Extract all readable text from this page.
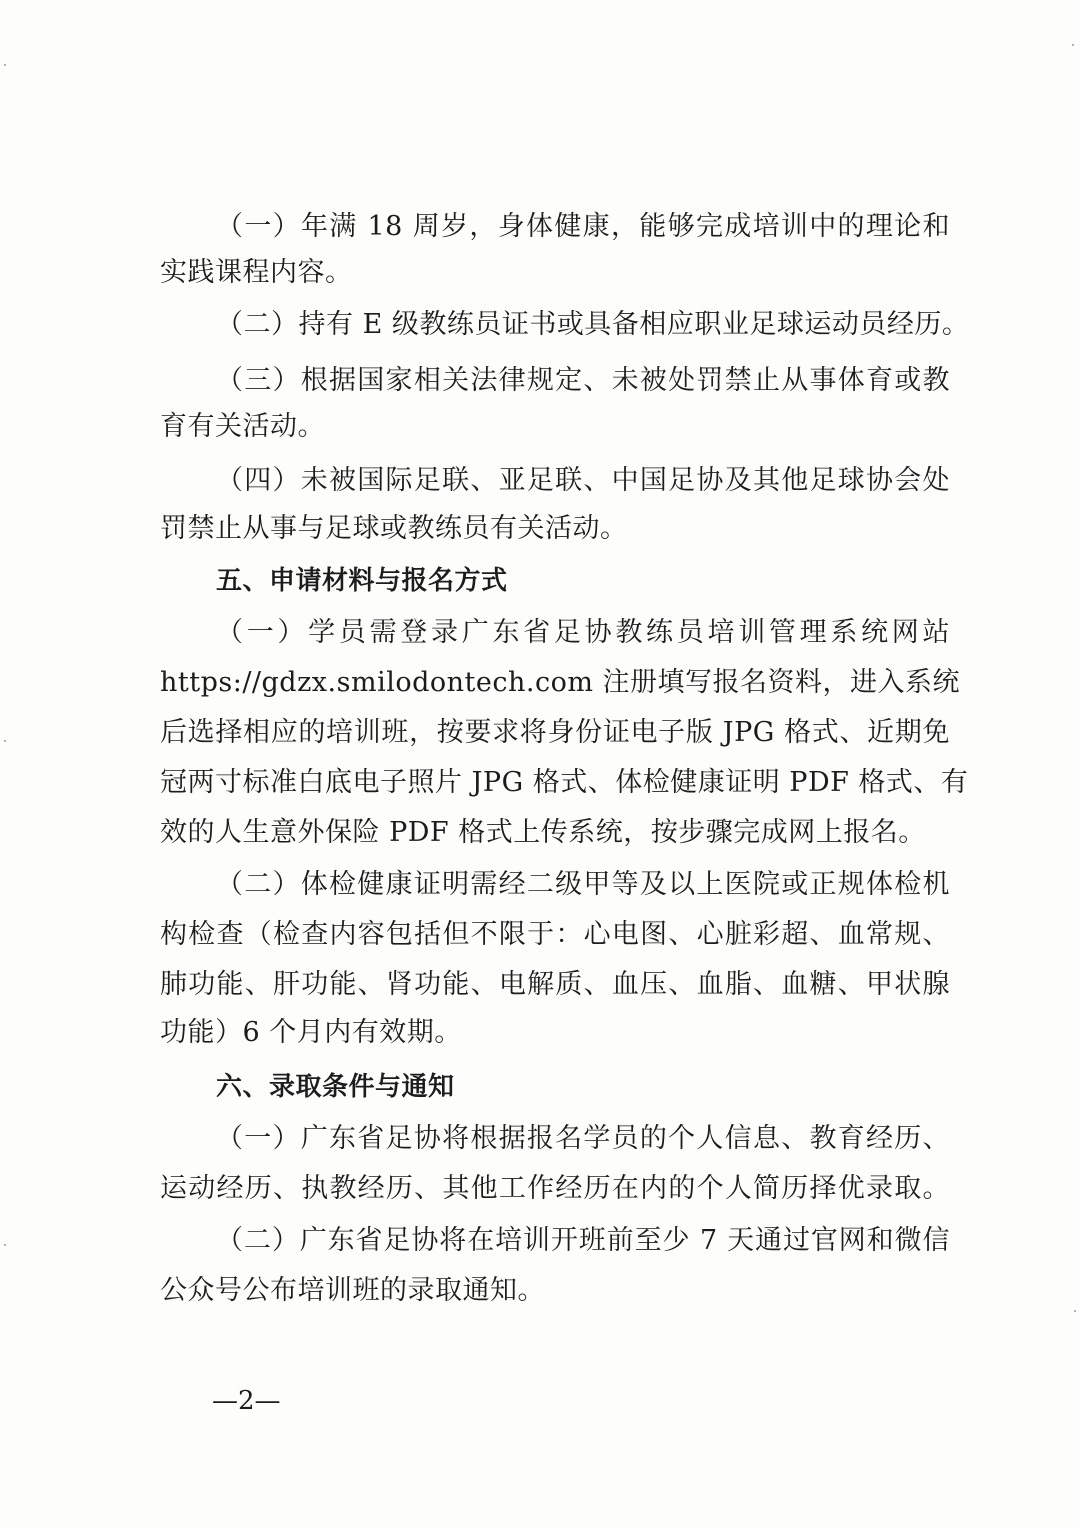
（一）年满 18 周岁，身体健康，能够完成培训中的理论和
实践课程内容。
（二）持有 E 级教练员证书或具备相应职业足球运动员经历。
（三）根据国家相关法律规定、未被处罚禁止从事体育或教
育有关活动。
（四）未被国际足联、亚足联、中国足协及其他足球协会处
罚禁止从事与足球或教练员有关活动。
五、申请材料与报名方式
（一）学员需登录广东省足协教练员培训管理系统网站
https://gdzx.smilodontech.com 注册填写报名资料，进入系统
后选择相应的培训班，按要求将身份证电子版 JPG 格式、近期免
冠两寸标准白底电子照片 JPG 格式、体检健康证明 PDF 格式、有
效的人生意外保险 PDF 格式上传系统，按步骤完成网上报名。
（二）体检健康证明需经二级甲等及以上医院或正规体检机
构检查（检查内容包括但不限于：心电图、心脏彩超、血常规、
肺功能、肝功能、肾功能、电解质、血压、血脂、血糖、甲状腺
功能）6 个月内有效期。
六、录取条件与通知
（一）广东省足协将根据报名学员的个人信息、教育经历、
运动经历、执教经历、其他工作经历在内的个人简历择优录取。
（二）广东省足协将在培训开班前至少 7 天通过官网和微信
公众号公布培训班的录取通知。
—2—
